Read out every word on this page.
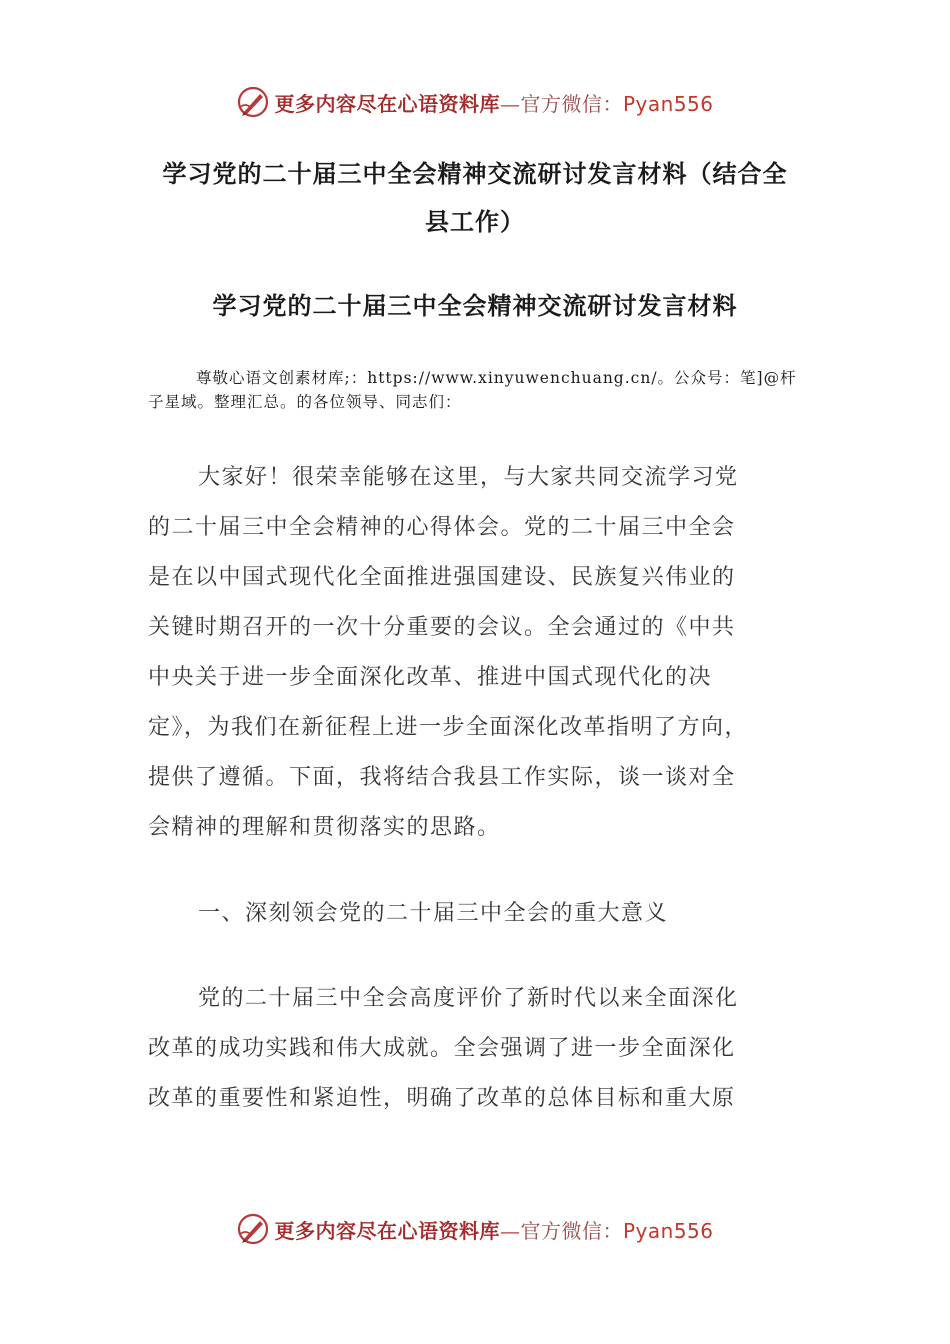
更多内容尽在心语资料库—官方微信：Pyan556
学习党的二十届三中全会精神交流研讨发言材料（结合全
县工作）
学习党的二十届三中全会精神交流研讨发言材料
尊敬心语文创素材库;：https://www.xinyuwenchuang.cn/。公众号：笔]@杆子星域。整理汇总。的各位领导、同志们：
大家好！很荣幸能够在这里，与大家共同交流学习党
的二十届三中全会精神的心得体会。党的二十届三中全会
是在以中国式现代化全面推进强国建设、民族复兴伟业的
关键时期召开的一次十分重要的会议。全会通过的《中共
中央关于进一步全面深化改革、推进中国式现代化的决
定》，为我们在新征程上进一步全面深化改革指明了方向，
提供了遵循。下面，我将结合我县工作实际，谈一谈对全
会精神的理解和贯彻落实的思路。
一、深刻领会党的二十届三中全会的重大意义
党的二十届三中全会高度评价了新时代以来全面深化
改革的成功实践和伟大成就。全会强调了进一步全面深化
改革的重要性和紧迫性，明确了改革的总体目标和重大原
更多内容尽在心语资料库—官方微信：Pyan556
